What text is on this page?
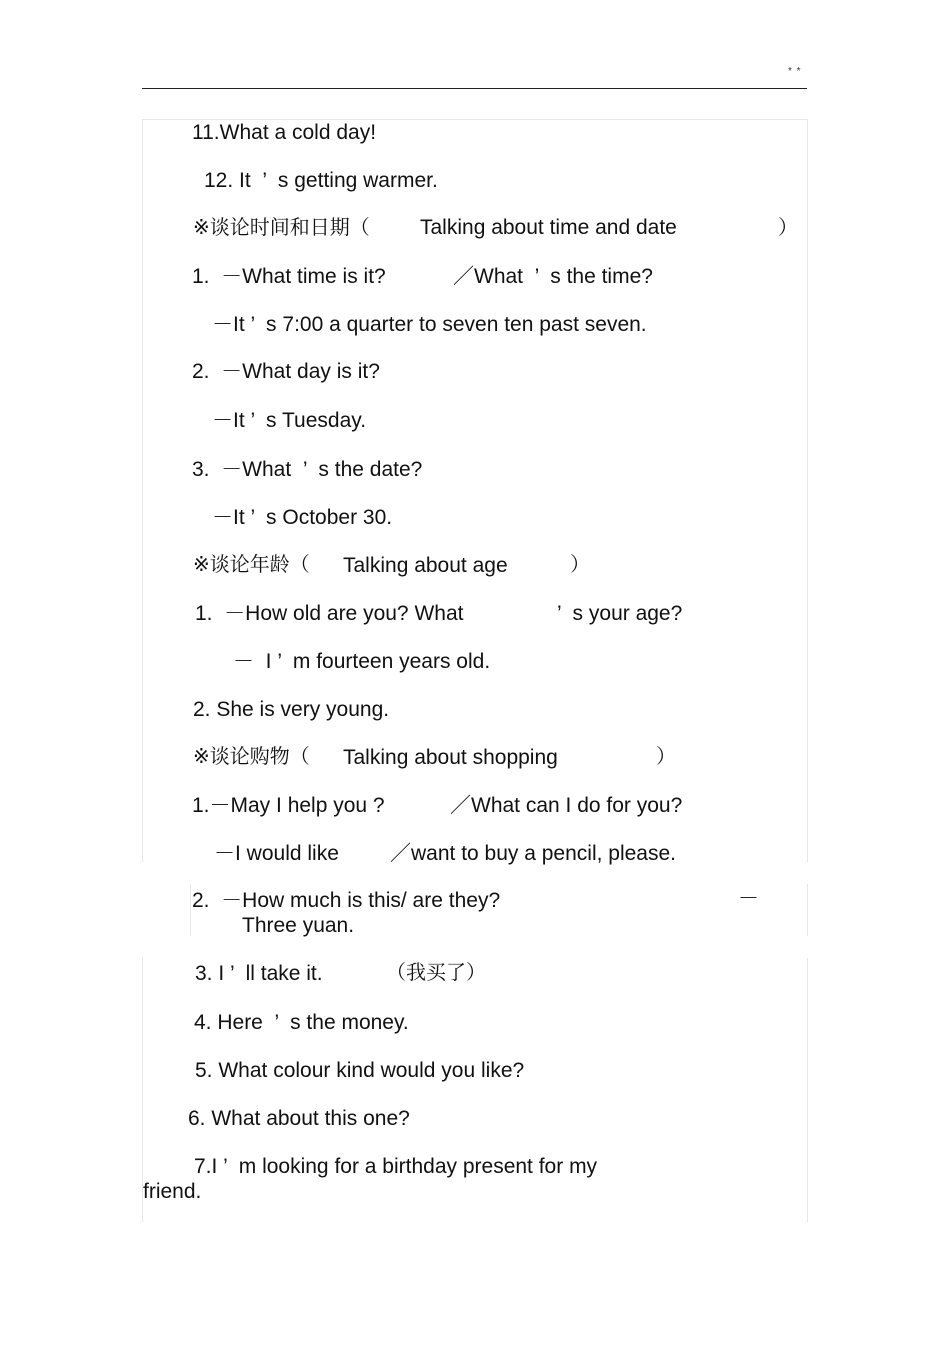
* *
11.What a cold day!
12. It  ’  s getting warmer.
※谈论时间和日期（ Talking about time and date	）
1.  －What time is it?	／What  ’  s the time?
－It ’  s 7:00 a quarter to seven ten past seven.
2.  －What day is it?
－It ’  s Tuesday.
3.  －What  ’  s the date?
－It ’  s October 30.
※谈论年龄（ Talking about age	）
1.  －How old are you? What	’  s your age?
－  I ’  m fourteen years old.
2. She is very young.
※谈论购物（ Talking about shopping	）
1.－May I help you ?	／What can I do for you?
－I would like ／want to buy a pencil, please.
2.  －How much is this/ are they?	－
Three yuan.
3. I ’  ll take it.	（我买了）
4. Here  ’  s the money.
5. What colour kind would you like?
6. What about this one?
7.I ’  m looking for a birthday present for my
friend.
